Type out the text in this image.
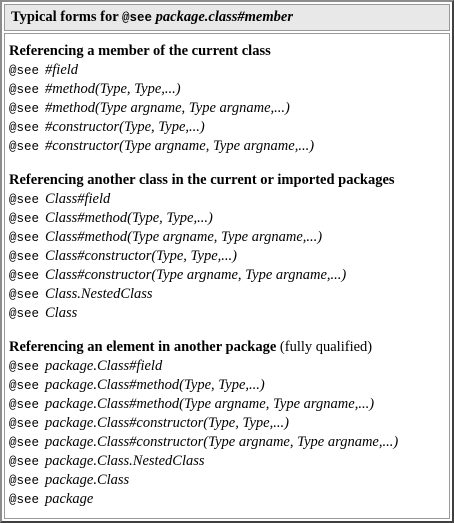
Typical forms for @see package.class#member
Referencing a member of the current class
@see #field
@see #method(Type, Type,...)
@see #method(Type argname, Type argname,...)
@see #constructor(Type, Type,...)
@see #constructor(Type argname, Type argname,...)
Referencing another class in the current or imported packages
@see Class#field
@see Class#method(Type, Type,...)
@see Class#method(Type argname, Type argname,...)
@see Class#constructor(Type, Type,...)
@see Class#constructor(Type argname, Type argname,...)
@see Class.NestedClass
@see Class
Referencing an element in another package (fully qualified)
@see package.Class#field
@see package.Class#method(Type, Type,...)
@see package.Class#method(Type argname, Type argname,...)
@see package.Class#constructor(Type, Type,...)
@see package.Class#constructor(Type argname, Type argname,...)
@see package.Class.NestedClass
@see package.Class
@see package
